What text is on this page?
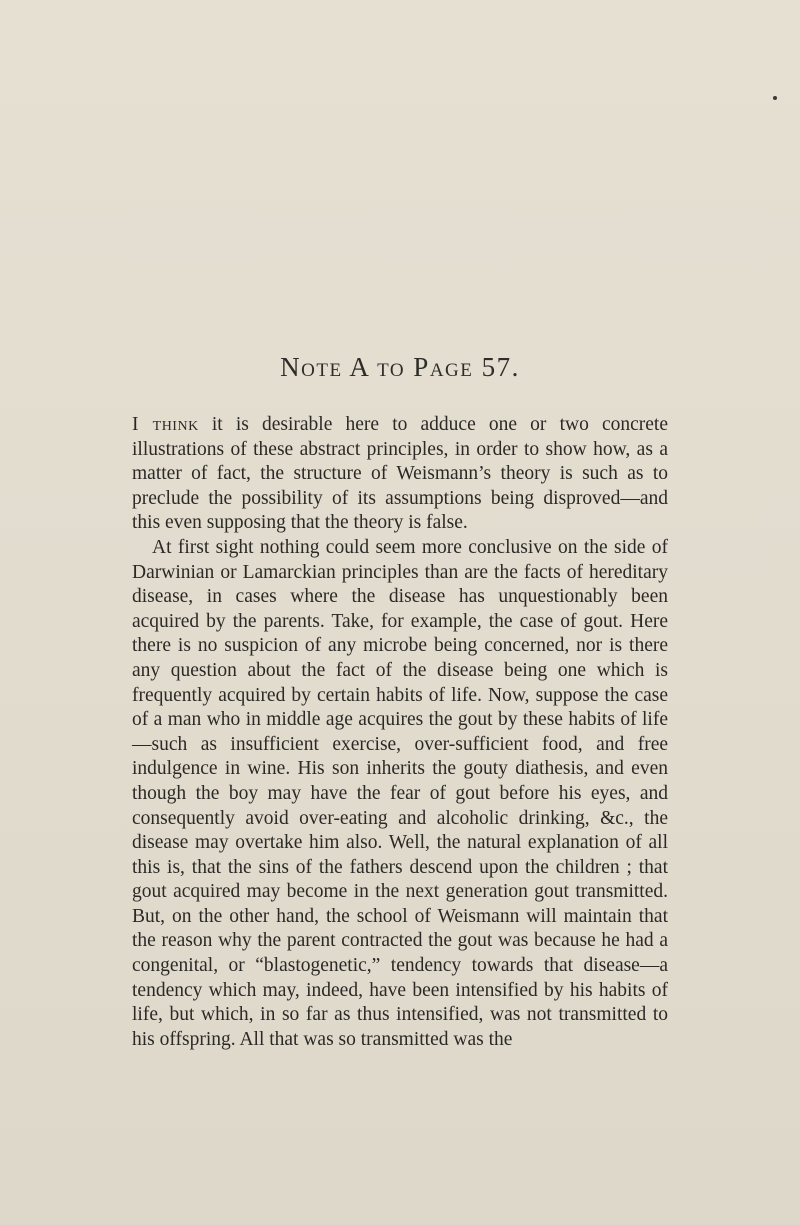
Note A to Page 57.

I think it is desirable here to adduce one or two concrete illustrations of these abstract principles, in order to show how, as a matter of fact, the structure of Weismann’s theory is such as to preclude the possibility of its assumptions being disproved—and this even supposing that the theory is false.

At first sight nothing could seem more conclusive on the side of Darwinian or Lamarckian principles than are the facts of hereditary disease, in cases where the disease has unquestionably been acquired by the parents. Take, for example, the case of gout. Here there is no suspicion of any microbe being concerned, nor is there any question about the fact of the disease being one which is frequently acquired by certain habits of life. Now, suppose the case of a man who in middle age acquires the gout by these habits of life—such as insufficient exercise, over-sufficient food, and free indulgence in wine. His son inherits the gouty diathesis, and even though the boy may have the fear of gout before his eyes, and consequently avoid over-eating and alcoholic drinking, &c., the disease may overtake him also. Well, the natural explanation of all this is, that the sins of the fathers descend upon the children ; that gout acquired may become in the next generation gout transmitted. But, on the other hand, the school of Weismann will maintain that the reason why the parent contracted the gout was because he had a congenital, or “blastogenetic,” tendency towards that disease—a tendency which may, indeed, have been intensified by his habits of life, but which, in so far as thus intensified, was not transmitted to his offspring. All that was so transmitted was the
